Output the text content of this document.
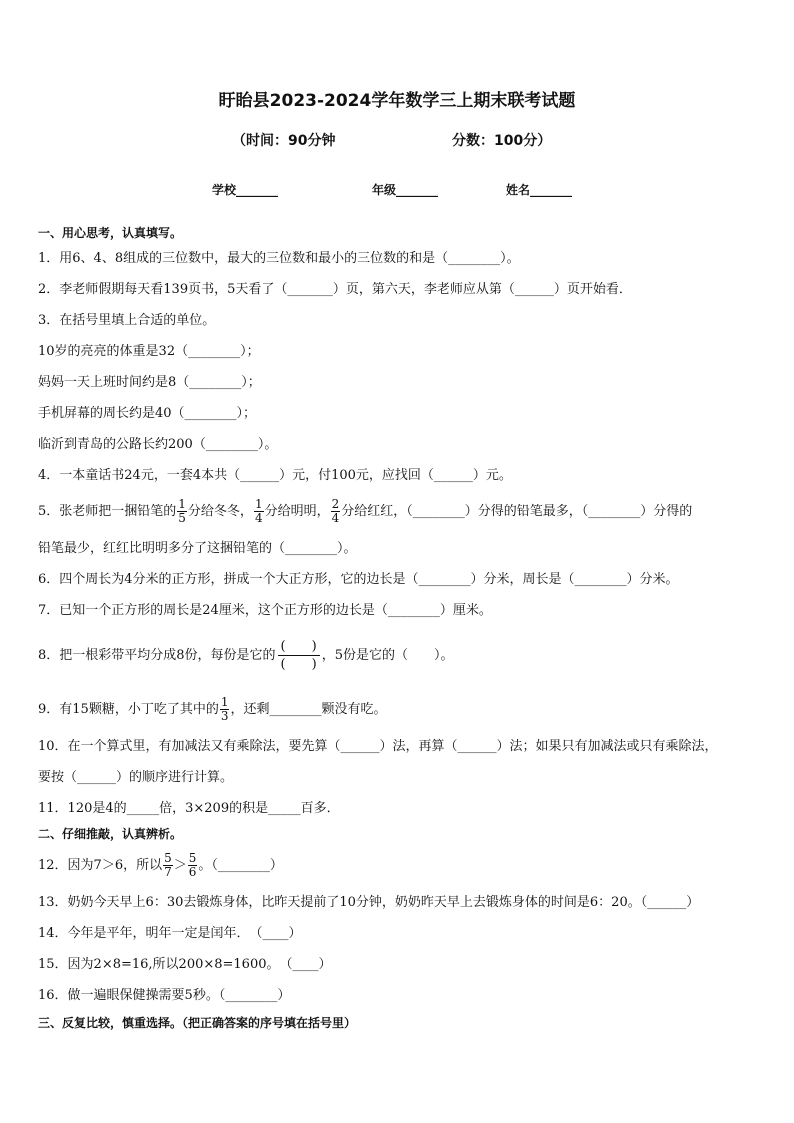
盱眙县2023-2024学年数学三上期末联考试题
（时间：90分钟	分数：100分）
学校_______	年级_______	姓名_______
一、用心思考，认真填写。
1．用6、4、8组成的三位数中，最大的三位数和最小的三位数的和是（________）。
2．李老师假期每天看139页书，5天看了（_______）页，第六天，李老师应从第（______）页开始看．
3．在括号里填上合适的单位。
10岁的亮亮的体重是32（________）；
妈妈一天上班时间约是8（________）；
手机屏幕的周长约是40（________）；
临沂到青岛的公路长约200（________）。
4．一本童话书24元，一套4本共（______）元，付100元，应找回（______）元。
5．张老师把一捆铅笔的 $\frac{1}{5}$ 分给冬冬， $\frac{1}{4}$ 分给明明， $\frac{2}{4}$ 分给红红，（________）分得的铅笔最多，（________）分得的
铅笔最少，红红比明明多分了这捆铅笔的（________）。
6．四个周长为4分米的正方形，拼成一个大正方形，它的边长是（________）分米，周长是（________）分米。
7．已知一个正方形的周长是24厘米，这个正方形的边长是（________）厘米。
8．把一根彩带平均分成8份，每份是它的 $\frac{( )}{( )}$ ，5份是它的（　　）。
9．有15颗糖，小丁吃了其中的 $\frac{1}{3}$ ，还剩________颗没有吃。
10．在一个算式里，有加减法又有乘除法，要先算（______）法，再算（______）法；如果只有加减法或只有乘除法，
要按（______）的顺序进行计算。
11．120是4的_____倍，3×209的积是_____百多．
二、仔细推敲，认真辨析。
12．因为7＞6，所以 $\frac{5}{7} > \frac{5}{6}$ 。（________）
13．奶奶今天早上6：30去锻炼身体，比昨天提前了10分钟，奶奶昨天早上去锻炼身体的时间是6：20。（______）
14．今年是平年，明年一定是闰年．　（____）
15．因为2×8=16,所以200×8=1600。　（____）
16．做一遍眼保健操需要5秒。（________）
三、反复比较，慎重选择。（把正确答案的序号填在括号里）
